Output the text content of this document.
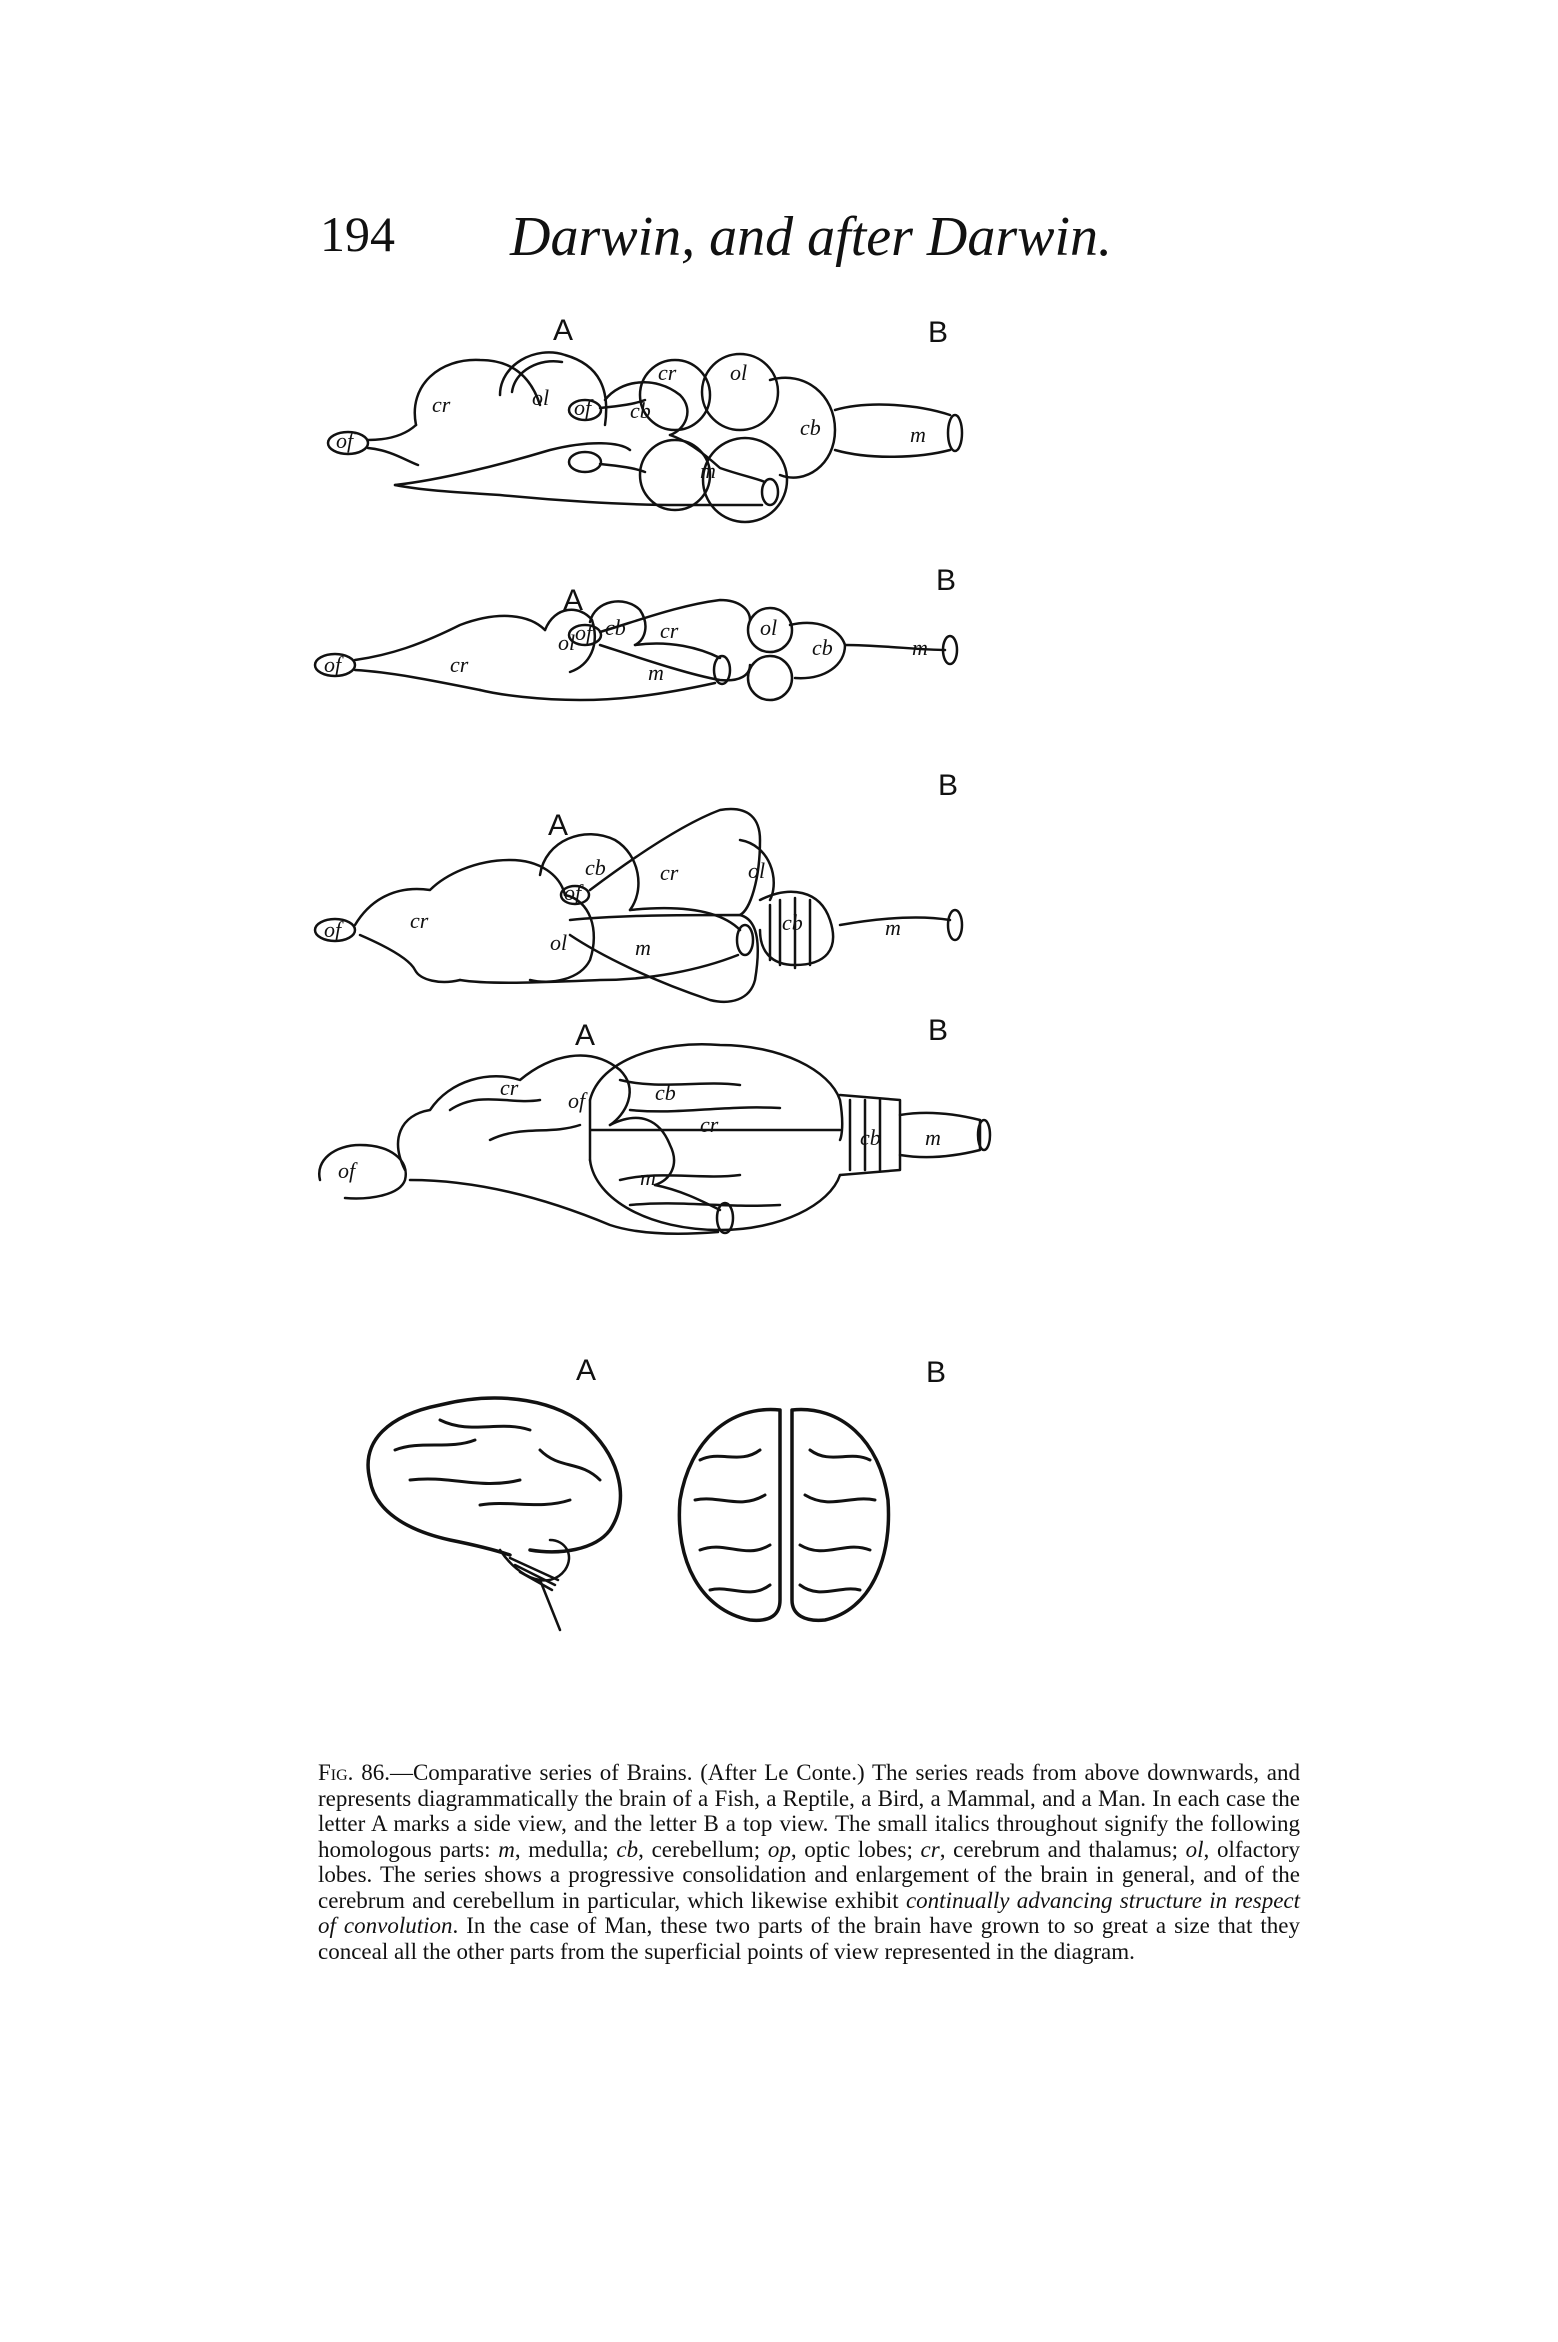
194 Darwin, and after Darwin.
A
cr	ol
cb
m
of
B
cr ol
cb	m
of
A
cr
ol
cb
m
of
B
cr	ol
cb	m
of
A
cr
ol
cb
m
of
B
cr	ol
cb	m
of
A
cr	cb
m
of
B
cr
cb m
of
A	B
Fig. 86.—Comparative series of Brains. (After Le Conte.) The series reads from above downwards, and represents diagrammatically the brain of a Fish, a Reptile, a Bird, a Mammal, and a Man. In each case the letter A marks a side view, and the letter B a top view. The small italics throughout signify the following homologous parts: m, medulla; cb, cerebellum; op, optic lobes; cr, cerebrum and thalamus; ol, olfactory lobes. The series shows a progressive consolidation and enlargement of the brain in general, and of the cerebrum and cerebellum in particular, which likewise exhibit continually advancing structure in respect of convolution. In the case of Man, these two parts of the brain have grown to so great a size that they conceal all the other parts from the superficial points of view represented in the diagram.
